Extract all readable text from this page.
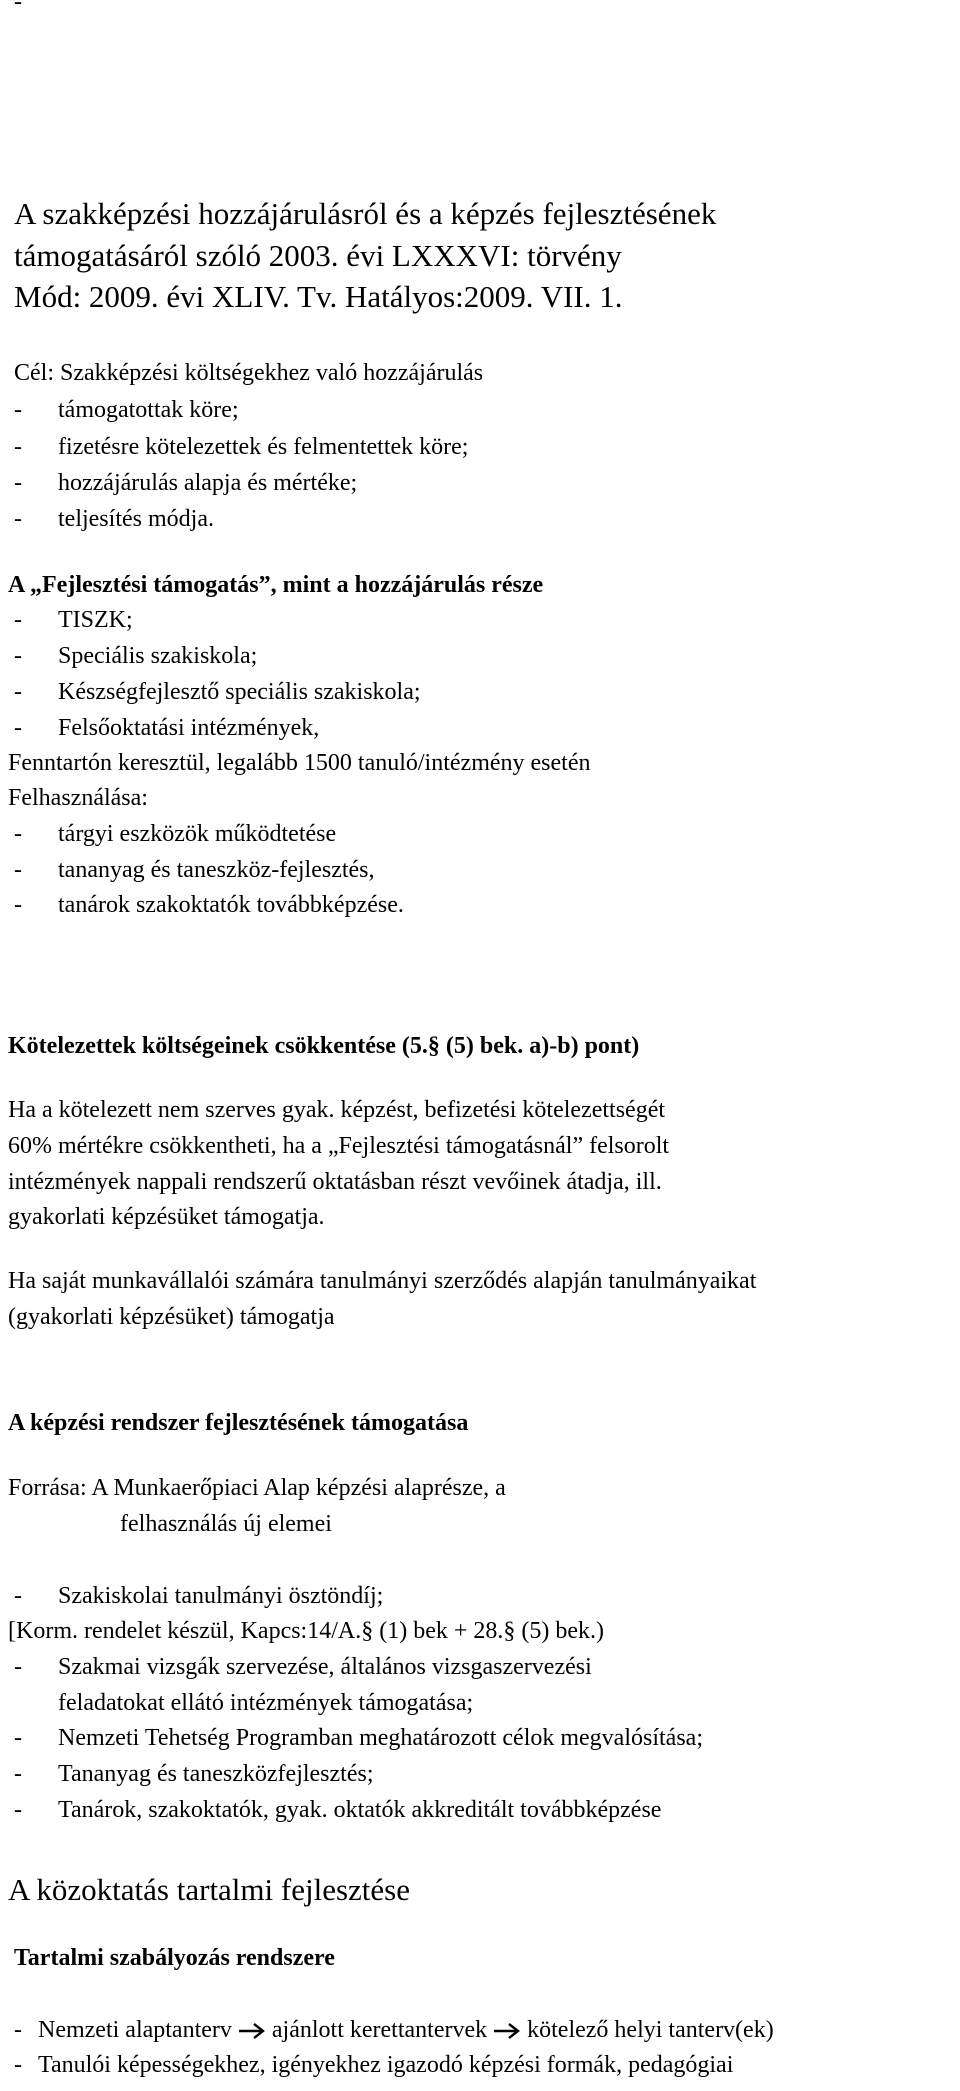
-
A szakképzési hozzájárulásról és a képzés fejlesztésének
támogatásáról szóló 2003. évi LXXXVI: törvény
Mód: 2009. évi XLIV. Tv. Hatályos:2009. VII. 1.
Cél: Szakképzési költségekhez való hozzájárulás
- támogatottak köre;
- fizetésre kötelezettek és felmentettek köre;
- hozzájárulás alapja és mértéke;
- teljesítés módja.
A „Fejlesztési támogatás”, mint a hozzájárulás része
- TISZK;
- Speciális szakiskola;
- Készségfejlesztő speciális szakiskola;
- Felsőoktatási intézmények,
Fenntartón keresztül, legalább 1500 tanuló/intézmény esetén
Felhasználása:
- tárgyi eszközök működtetése
- tananyag és taneszköz-fejlesztés,
- tanárok szakoktatók továbbképzése.
Kötelezettek költségeinek csökkentése (5.§ (5) bek. a)-b) pont)
Ha a kötelezett nem szerves gyak. képzést, befizetési kötelezettségét
60% mértékre csökkentheti, ha a „Fejlesztési támogatásnál” felsorolt
intézmények nappali rendszerű oktatásban részt vevőinek átadja, ill.
gyakorlati képzésüket támogatja.
Ha saját munkavállalói számára tanulmányi szerződés alapján tanulmányaikat
(gyakorlati képzésüket) támogatja
A képzési rendszer fejlesztésének támogatása
Forrása: A Munkaerőpiaci Alap képzési alaprésze, a
felhasználás új elemei
- Szakiskolai tanulmányi ösztöndíj;
[Korm. rendelet készül, Kapcs:14/A.§ (1) bek + 28.§ (5) bek.)
- Szakmai vizsgák szervezése, általános vizsgaszervezési
feladatokat ellátó intézmények támogatása;
- Nemzeti Tehetség Programban meghatározott célok megvalósítása;
- Tananyag és taneszközfejlesztés;
- Tanárok, szakoktatók, gyak. oktatók akkreditált továbbképzése
A közoktatás tartalmi fejlesztése
Tartalmi szabályozás rendszere
- Nemzeti alaptanterv ajánlott kerettantervek kötelező helyi tanterv(ek)
- Tanulói képességekhez, igényekhez igazodó képzési formák, pedagógiai
